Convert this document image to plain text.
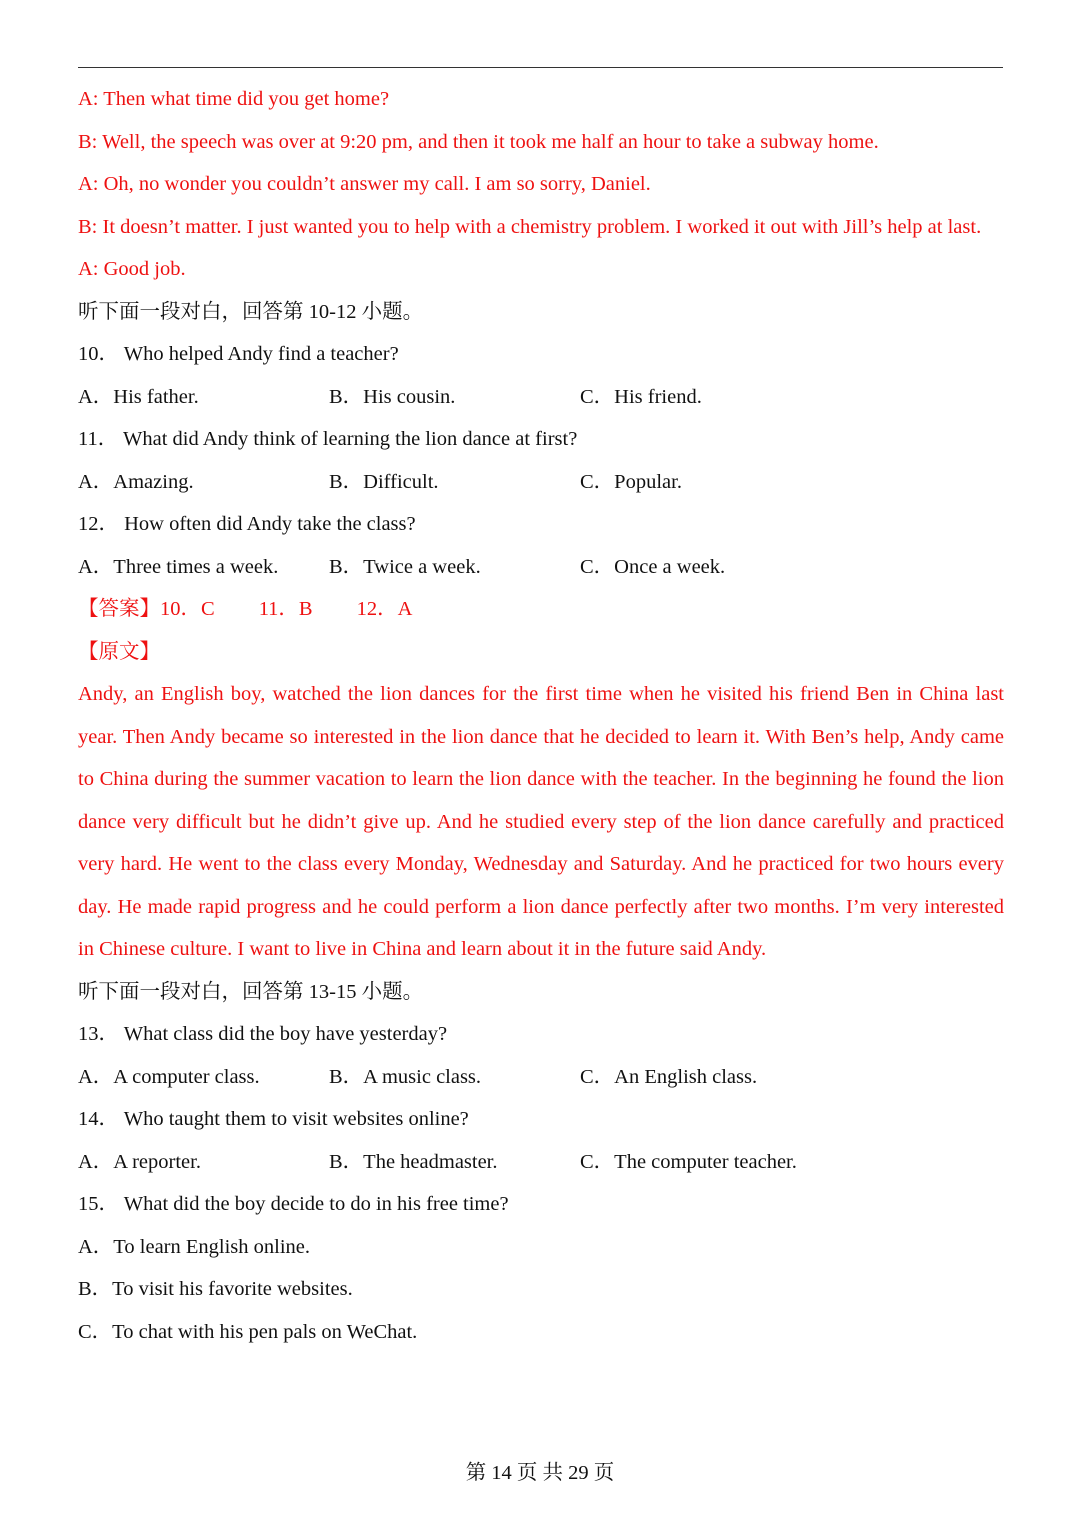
A: Then what time did you get home?
B: Well, the speech was over at 9:20 pm, and then it took me half an hour to take a subway home.
A: Oh, no wonder you couldn’t answer my call. I am so sorry, Daniel.
B: It doesn’t matter. I just wanted you to help with a chemistry problem. I worked it out with Jill’s help at last.
A: Good job.
听下面一段对白，回答第 10-12 小题。
10． Who helped Andy find a teacher?
A．His father.	B．His cousin.	C．His friend.
11． What did Andy think of learning the lion dance at first?
A．Amazing.	B．Difficult.	C．Popular.
12． How often did Andy take the class?
A．Three times a week.	B．Twice a week.	C．Once a week.
【答案】10．C 11．B 12．A
【原文】
Andy, an English boy, watched the lion dances for the first time when he visited his friend Ben in China last year. Then Andy became so interested in the lion dance that he decided to learn it. With Ben’s help, Andy came to China during the summer vacation to learn the lion dance with the teacher. In the beginning he found the lion dance very difficult but he didn’t give up. And he studied every step of the lion dance carefully and practiced very hard. He went to the class every Monday, Wednesday and Saturday. And he practiced for two hours every day. He made rapid progress and he could perform a lion dance perfectly after two months. I’m very interested in Chinese culture. I want to live in China and learn about it in the future said Andy.
听下面一段对白，回答第 13-15 小题。
13． What class did the boy have yesterday?
A．A computer class.	B．A music class.	C．An English class.
14． Who taught them to visit websites online?
A．A reporter.	B．The headmaster.	C．The computer teacher.
15． What did the boy decide to do in his free time?
A．To learn English online.
B．To visit his favorite websites.
C．To chat with his pen pals on WeChat.
第 14 页 共 29 页
